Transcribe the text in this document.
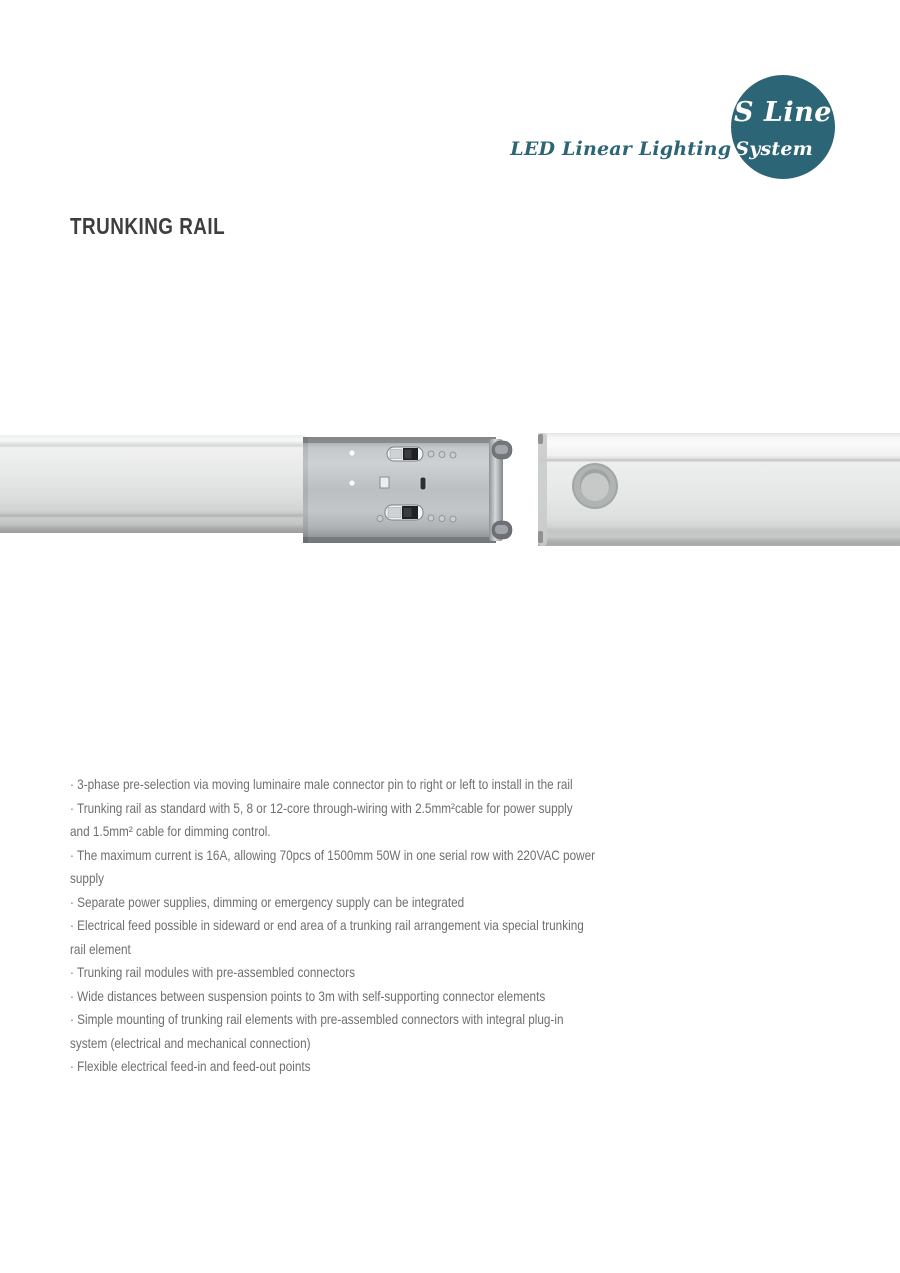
S Line
LED Linear Lighting System
TRUNKING RAIL
· 3-phase pre-selection via moving luminaire male connector pin to right or left to install in the rail
· Trunking rail as standard with 5, 8 or 12-core through-wiring with 2.5mm²cable for power supply
and 1.5mm² cable for dimming control.
· The maximum current is 16A, allowing 70pcs of 1500mm 50W in one serial row with 220VAC power
supply
· Separate power supplies, dimming or emergency supply can be integrated
· Electrical feed possible in sideward or end area of a trunking rail arrangement via special trunking
rail element
· Trunking rail modules with pre-assembled connectors
· Wide distances between suspension points to 3m with self-supporting connector elements
· Simple mounting of trunking rail elements with pre-assembled connectors with integral plug-in
system (electrical and mechanical connection)
· Flexible electrical feed-in and feed-out points
